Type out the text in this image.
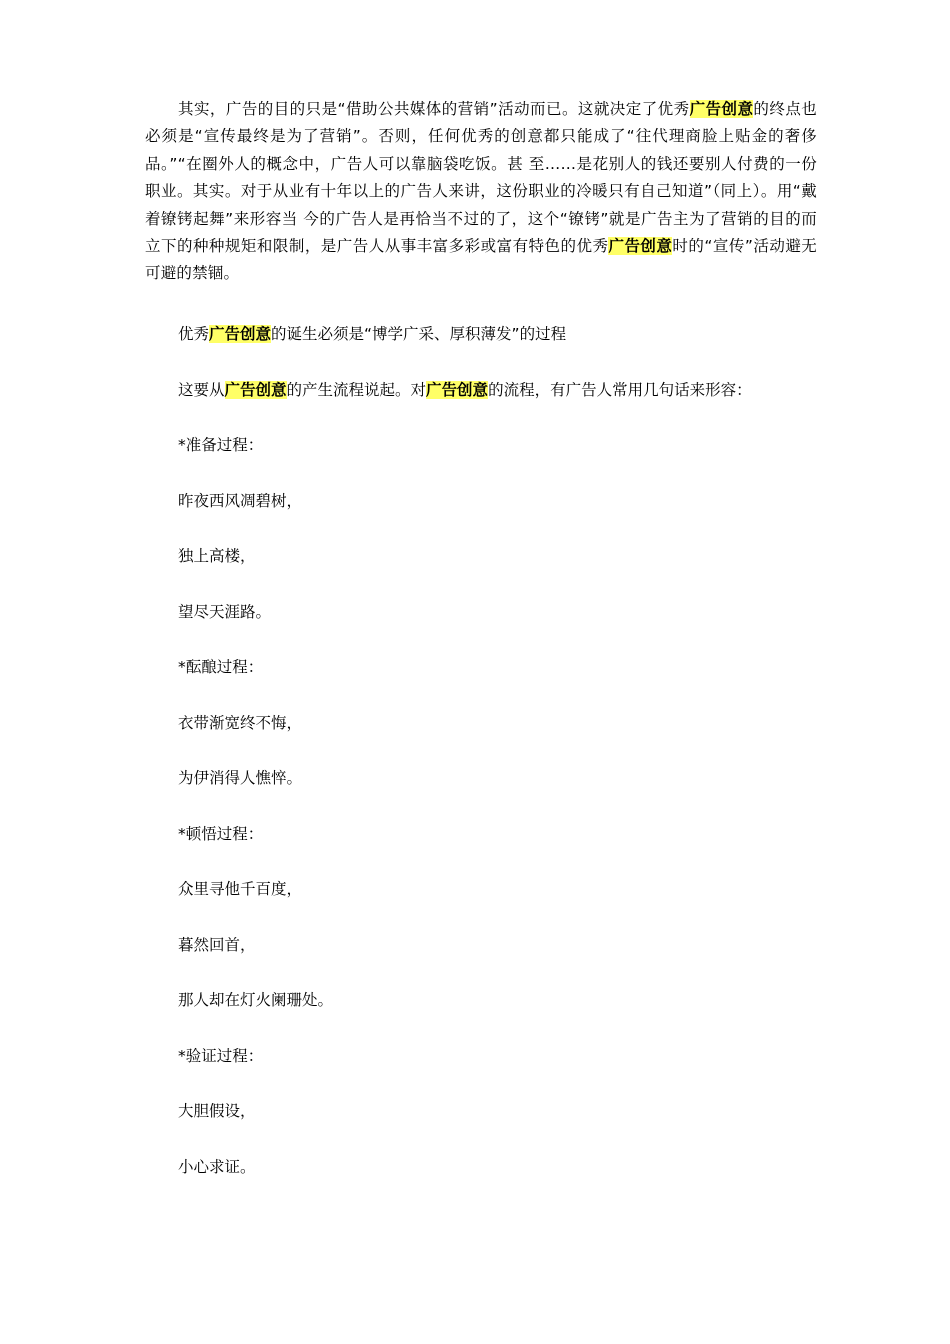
其实，广告的目的只是“借助公共媒体的营销”活动而已。这就决定了优秀广告创意的终点也必须是“宣传最终是为了营销”。否则，任何优秀的创意都只能成了“往代理商脸上贴金的奢侈品。”“在圈外人的概念中，广告人可以靠脑袋吃饭。甚 至……是花别人的钱还要别人付费的一份职业。其实。对于从业有十年以上的广告人来讲，这份职业的冷暖只有自己知道”（同上）。用“戴着镣铐起舞”来形容当 今的广告人是再恰当不过的了，这个“镣铐”就是广告主为了营销的目的而立下的种种规矩和限制，是广告人从事丰富多彩或富有特色的优秀广告创意时的“宣传”活动避无可避的禁锢。

优秀广告创意的诞生必须是“博学广采、厚积薄发”的过程
这要从广告创意的产生流程说起。对广告创意的流程，有广告人常用几句话来形容：
*准备过程：
昨夜西风凋碧树，
独上高楼，
望尽天涯路。
*酝酿过程：
衣带渐宽终不悔，
为伊消得人憔悴。
*顿悟过程：
众里寻他千百度，
暮然回首，
那人却在灯火阑珊处。
*验证过程：
大胆假设，
小心求证。
